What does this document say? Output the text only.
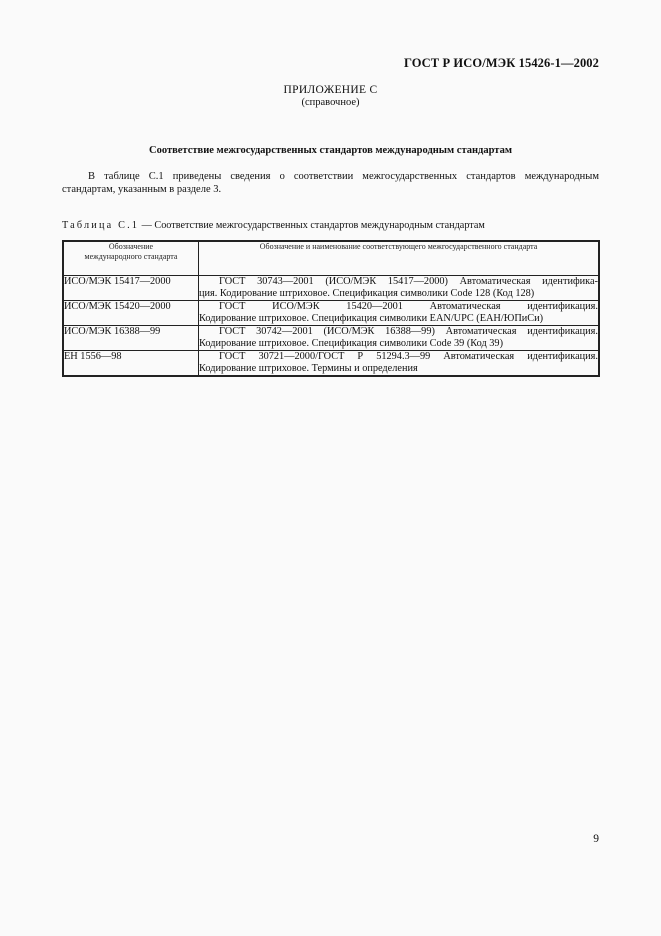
ГОСТ Р ИСО/МЭК 15426-1—2002
ПРИЛОЖЕНИЕ С
(справочное)
Соответствие межгосударственных стандартов международным стандартам
В таблице С.1 приведены сведения о соответствии межгосударственных стандартов международным
стандартам, указанным в разделе 3.
Таблица С.1 — Соответствие межгосударственных стандартов международным стандартам
Обозначение
международного стандарта	Обозначение и наименование соответствующего межгосударственного стандарта
ИСО/МЭК 15417—2000	ГОСТ 30743—2001 (ИСО/МЭК 15417—2000) Автоматическая идентифика-
ция. Кодирование штриховое. Спецификация символики Code 128 (Код 128)
ИСО/МЭК 15420—2000	ГОСТ ИСО/МЭК 15420—2001 Автоматическая идентификация.
Кодирование штриховое. Спецификация символики EAN/UPC (ЕАН/ЮПиСи)
ИСО/МЭК 16388—99	ГОСТ 30742—2001 (ИСО/МЭК 16388—99) Автоматическая идентификация.
Кодирование штриховое. Спецификация символики Code 39 (Код 39)
ЕН 1556—98	ГОСТ 30721—2000/ГОСТ Р 51294.3—99 Автоматическая идентификация.
Кодирование штриховое. Термины и определения
9
